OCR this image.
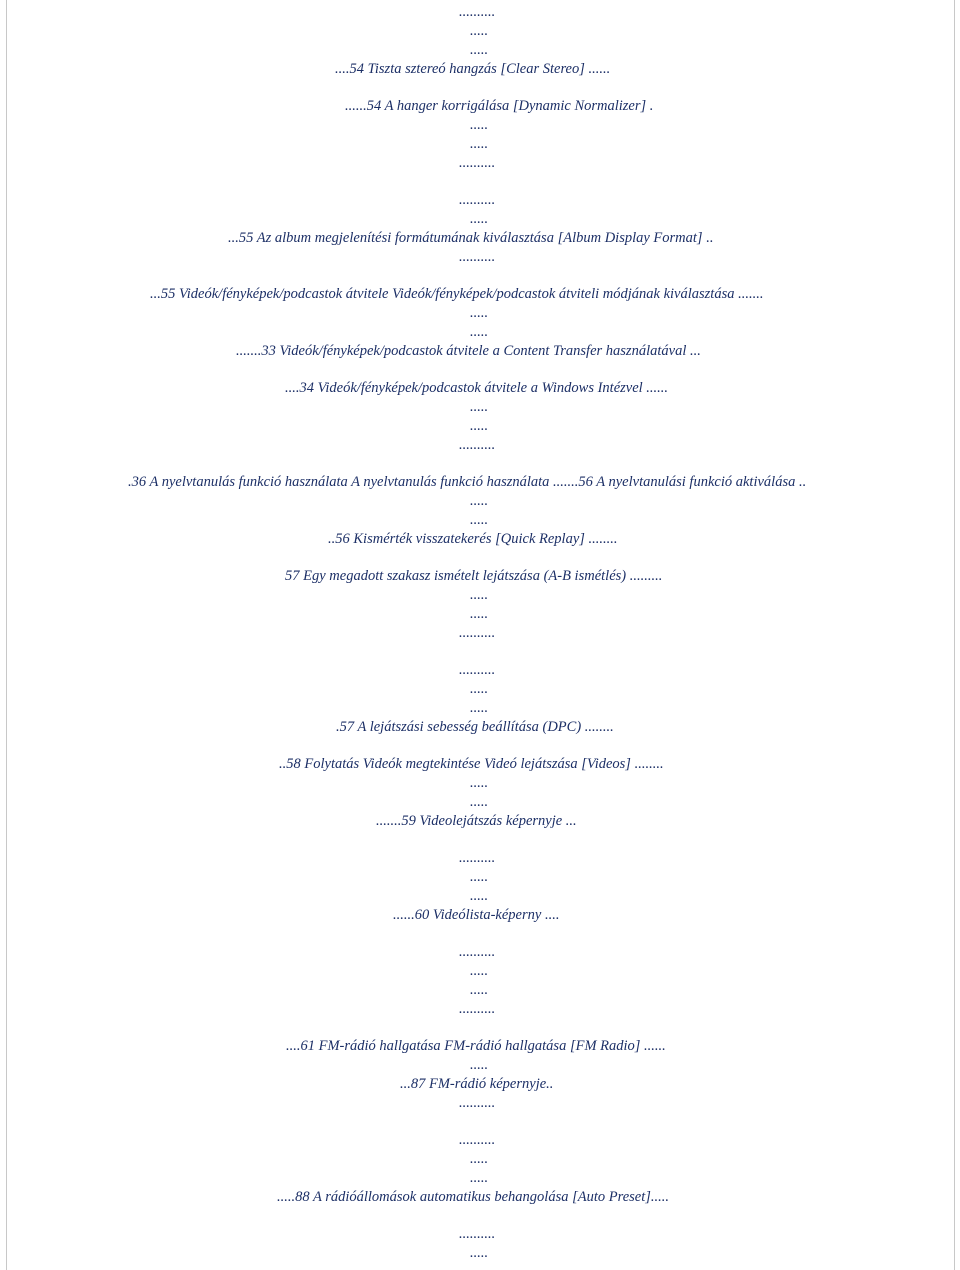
..........
.....
.....
....54 Tiszta sztereó hangzás [Clear Stereo] ......
......54 A hanger korrigálása [Dynamic Normalizer] .
.....
.....
..........
..........
.....
...55 Az album megjelenítési formátumának kiválasztása [Album Display Format] ..
..........
...55 Videók/fényképek/podcastok átvitele Videók/fényképek/podcastok átviteli módjának kiválasztása .......
.....
.....
.......33 Videók/fényképek/podcastok átvitele a Content Transfer használatával ...
....34 Videók/fényképek/podcastok átvitele a Windows Intézvel ......
.....
.....
..........
.36 A nyelvtanulás funkció használata A nyelvtanulás funkció használata .......56 A nyelvtanulási funkció aktiválása ..
.....
.....
..56 Kismérték visszatekerés [Quick Replay] ........
57 Egy megadott szakasz ismételt lejátszása (A-B ismétlés) .........
.....
.....
..........
..........
.....
.....
.57 A lejátszási sebesség beállítása (DPC) ........
..58 Folytatás Videók megtekintése Videó lejátszása [Videos] ........
.....
.....
.......59 Videolejátszás képernyje ...
..........
.....
.....
......60 Videólista-képerny ....
..........
.....
.....
..........
....61 FM-rádió hallgatása FM-rádió hallgatása [FM Radio] ......
.....
...87 FM-rádió képernyje..
..........
..........
.....
.....
.....88 A rádióállomások automatikus behangolása [Auto Preset].....
..........
.....
